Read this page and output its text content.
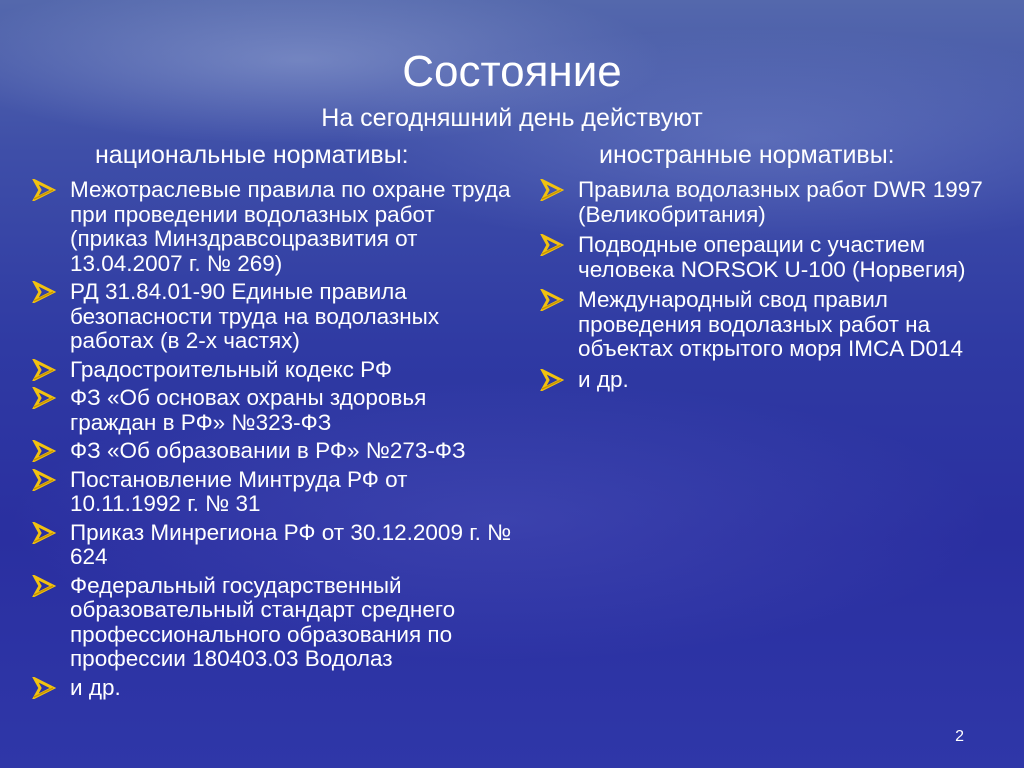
Состояние
На сегодняшний день действуют
национальные нормативы:	иностранные нормативы:
Межотраслевые правила по охране труда при проведении водолазных работ (приказ Минздравсоцразвития от 13.04.2007 г. № 269)
РД 31.84.01-90 Единые правила безопасности труда на водолазных работах (в 2-х частях)
Градостроительный кодекс РФ
ФЗ «Об основах охраны здоровья граждан в РФ» №323-ФЗ
ФЗ «Об образовании в РФ» №273-ФЗ
Постановление Минтруда РФ от 10.11.1992 г. № 31
Приказ Минрегиона РФ от 30.12.2009 г. № 624
Федеральный государственный образовательный стандарт среднего профессионального образования по профессии 180403.03 Водолаз
и др.
Правила водолазных работ DWR 1997 (Великобритания)
Подводные операции с участием человека NORSOK U-100 (Норвегия)
Международный свод правил проведения водолазных работ на объектах открытого моря IMCA D014
и др.
2
